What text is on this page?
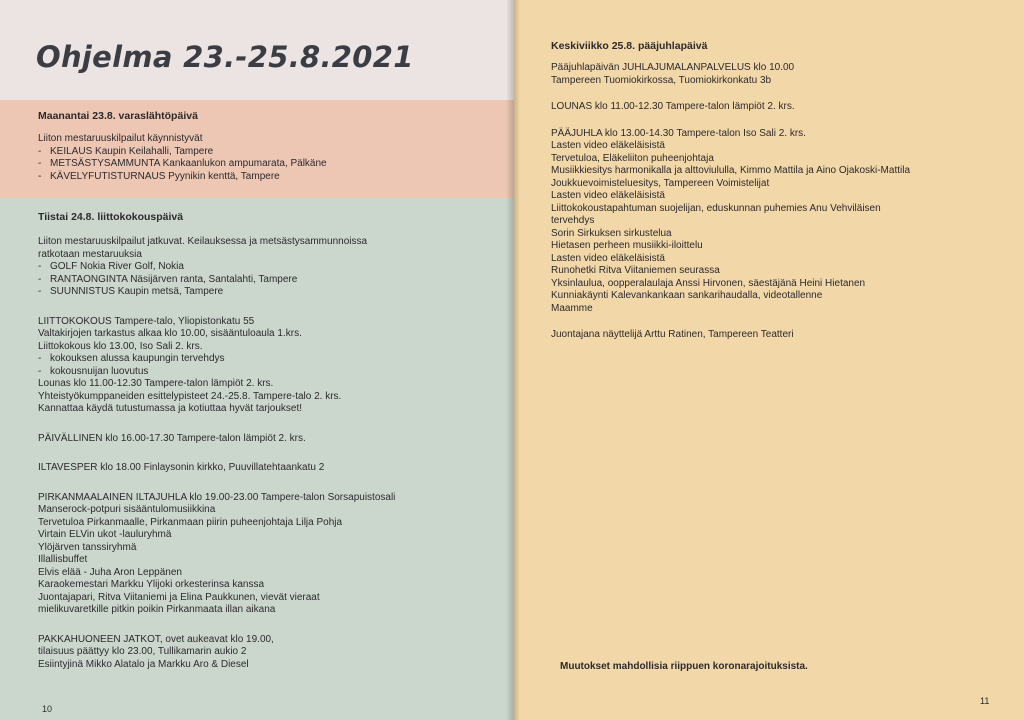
Ohjelma 23.-25.8.2021
Maanantai 23.8. varaslähtöpäivä
Liiton mestaruuskilpailut käynnistyvät
- KEILAUS Kaupin Keilahalli, Tampere
- METSÄSTYSAMMUNTA Kankaanlukon ampumarata, Pälkäne
- KÄVELYFUTISTURNAUS Pyynikin kenttä, Tampere
Tiistai 24.8. liittokokouspäivä
Liiton mestaruuskilpailut jatkuvat. Keilauksessa ja metsästysammunnoissa
ratkotaan mestaruuksia
- GOLF Nokia River Golf, Nokia
- RANTAONGINTA Näsijärven ranta, Santalahti, Tampere
- SUUNNISTUS Kaupin metsä, Tampere
LIITTOKOKOUS Tampere-talo, Yliopistonkatu 55
Valtakirjojen tarkastus alkaa klo 10.00, sisääntuloaula 1.krs.
Liittokokous klo 13.00, Iso Sali 2. krs.
- kokouksen alussa kaupungin tervehdys
- kokousnuijan luovutus
Lounas klo 11.00-12.30 Tampere-talon lämpiöt 2. krs.
Yhteistyökumppaneiden esittelypisteet 24.-25.8. Tampere-talo 2. krs.
Kannattaa käydä tutustumassa ja kotiuttaa hyvät tarjoukset!
PÄIVÄLLINEN klo 16.00-17.30 Tampere-talon lämpiöt 2. krs.
ILTAVESPER klo 18.00 Finlaysonin kirkko, Puuvillatehtaankatu 2
PIRKANMAALAINEN ILTAJUHLA klo 19.00-23.00 Tampere-talon Sorsapuistosali
Manserock-potpuri sisääntulomusiikkina
Tervetuloa Pirkanmaalle, Pirkanmaan piirin puheenjohtaja Lilja Pohja
Virtain ELVin ukot -lauluryhmä
Ylöjärven tanssiryhmä
Illallisbuffet
Elvis elää - Juha Aron Leppänen
Karaokemestari Markku Ylijoki orkesterinsa kanssa
Juontajapari, Ritva Viitaniemi ja Elina Paukkunen, vievät vieraat
mielikuvaretkille pitkin poikin Pirkanmaata illan aikana
PAKKAHUONEEN JATKOT, ovet aukeavat klo 19.00,
tilaisuus päättyy klo 23.00, Tullikamarin aukio 2
Esiintyjinä Mikko Alatalo ja Markku Aro & Diesel
10
Keskiviikko 25.8. pääjuhlapäivä
Pääjuhlapäivän JUHLAJUMALANPALVELUS klo 10.00
Tampereen Tuomiokirkossa, Tuomiokirkonkatu 3b
LOUNAS klo 11.00-12.30 Tampere-talon lämpiöt 2. krs.
PÄÄJUHLA klo 13.00-14.30 Tampere-talon Iso Sali 2. krs.
Lasten video eläkeläisistä
Tervetuloa, Eläkeliiton puheenjohtaja
Musiikkiesitys harmonikalla ja alttoviululla, Kimmo Mattila ja Aino Ojakoski-Mattila
Joukkuevoimisteluesitys, Tampereen Voimistelijat
Lasten video eläkeläisistä
Liittokokoustapahtuman suojelijan, eduskunnan puhemies Anu Vehviläisen
tervehdys
Sorin Sirkuksen sirkustelua
Hietasen perheen musiikki-iloittelu
Lasten video eläkeläisistä
Runohetki Ritva Viitaniemen seurassa
Yksinlaulua, oopperalaulaja Anssi Hirvonen, säestäjänä Heini Hietanen
Kunniakäynti Kalevankankaan sankarihaudalla, videotallenne
Maamme
Juontajana näyttelijä Arttu Ratinen, Tampereen Teatteri
Muutokset mahdollisia riippuen koronarajoituksista.
11
